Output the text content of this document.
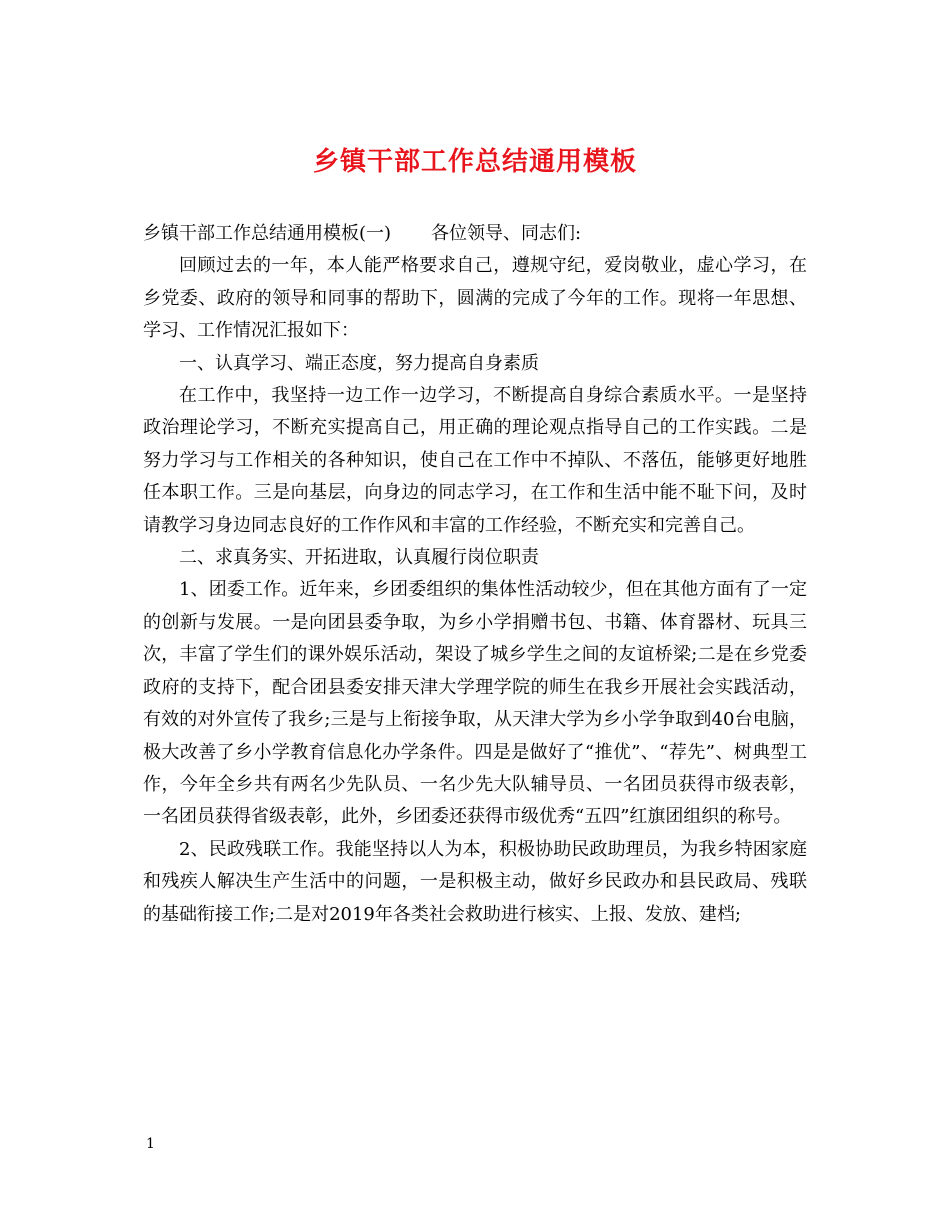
乡镇干部工作总结通用模板

乡镇干部工作总结通用模板(一) 各位领导、同志们:

回顾过去的一年，本人能严格要求自己，遵规守纪，爱岗敬业，虚心学习，在乡党委、政府的领导和同事的帮助下，圆满的完成了今年的工作。现将一年思想、学习、工作情况汇报如下：

一、认真学习、端正态度，努力提高自身素质

在工作中，我坚持一边工作一边学习，不断提高自身综合素质水平。一是坚持政治理论学习，不断充实提高自己，用正确的理论观点指导自己的工作实践。二是努力学习与工作相关的各种知识，使自己在工作中不掉队、不落伍，能够更好地胜任本职工作。三是向基层，向身边的同志学习，在工作和生活中能不耻下问，及时请教学习身边同志良好的工作作风和丰富的工作经验，不断充实和完善自己。

二、求真务实、开拓进取，认真履行岗位职责

1、团委工作。近年来，乡团委组织的集体性活动较少，但在其他方面有了一定的创新与发展。一是向团县委争取，为乡小学捐赠书包、书籍、体育器材、玩具三次，丰富了学生们的课外娱乐活动，架设了城乡学生之间的友谊桥梁;二是在乡党委政府的支持下，配合团县委安排天津大学理学院的师生在我乡开展社会实践活动，有效的对外宣传了我乡;三是与上衔接争取，从天津大学为乡小学争取到40台电脑，极大改善了乡小学教育信息化办学条件。四是是做好了“推优”、“荐先”、树典型工作，今年全乡共有两名少先队员、一名少先大队辅导员、一名团员获得市级表彰，一名团员获得省级表彰，此外，乡团委还获得市级优秀“五四”红旗团组织的称号。

2、民政残联工作。我能坚持以人为本，积极协助民政助理员，为我乡特困家庭和残疾人解决生产生活中的问题，一是积极主动，做好乡民政办和县民政局、残联的基础衔接工作;二是对2019年各类社会救助进行核实、上报、发放、建档;

1
